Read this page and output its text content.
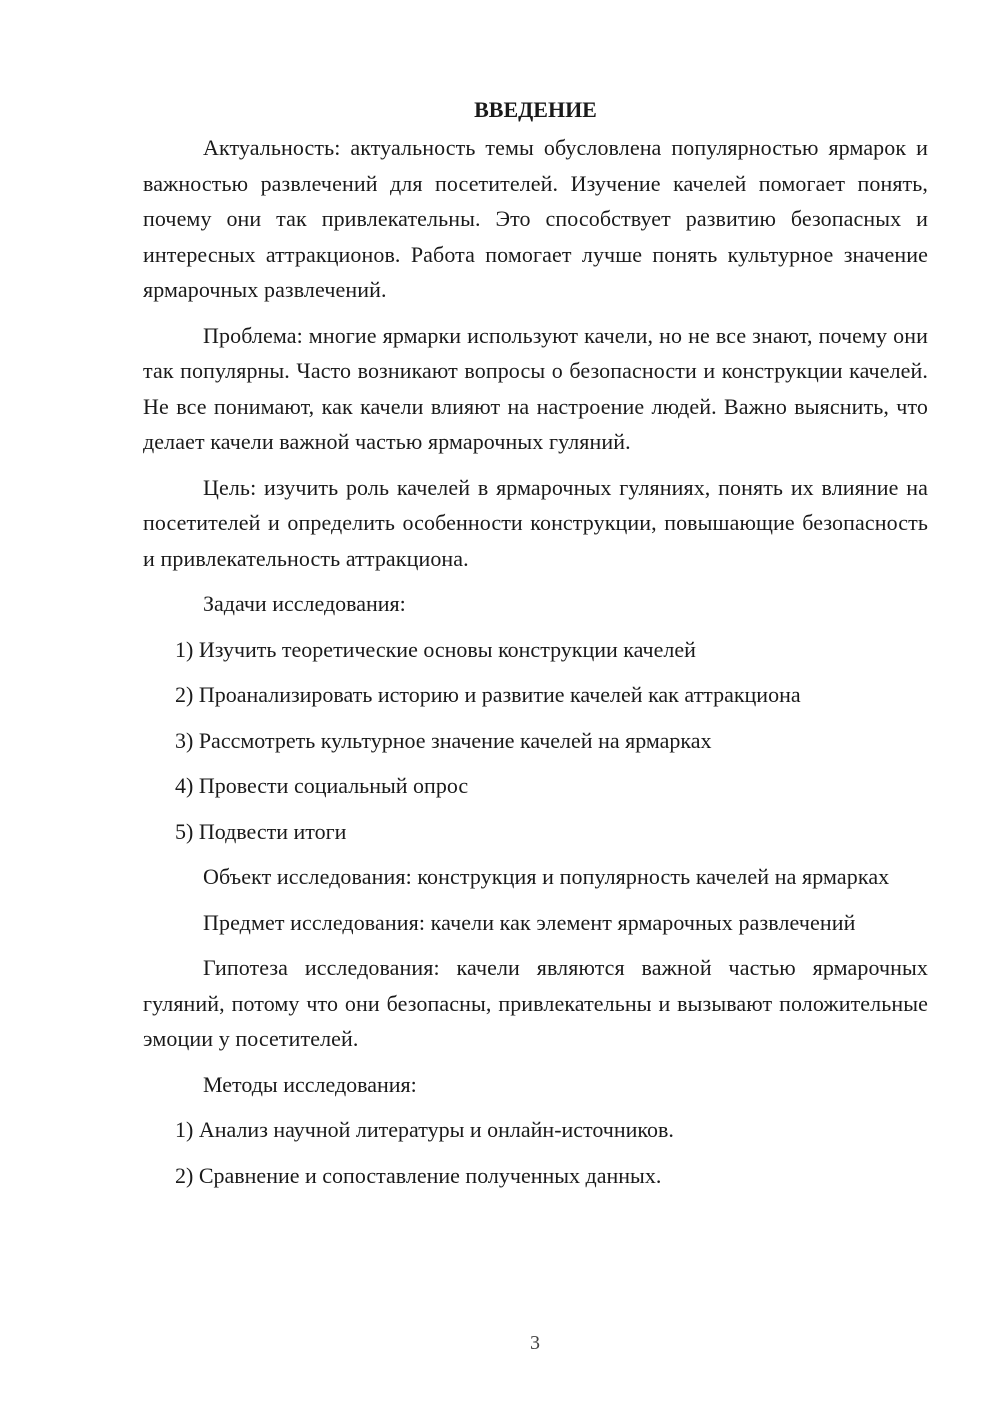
ВВЕДЕНИЕ

Актуальность: актуальность темы обусловлена популярностью ярмарок и важностью развлечений для посетителей. Изучение качелей помогает понять, почему они так привлекательны. Это способствует развитию безопасных и интересных аттракционов. Работа помогает лучше понять культурное значение ярмарочных развлечений.

Проблема: многие ярмарки используют качели, но не все знают, почему они так популярны. Часто возникают вопросы о безопасности и конструкции качелей. Не все понимают, как качели влияют на настроение людей. Важно выяснить, что делает качели важной частью ярмарочных гуляний.

Цель: изучить роль качелей в ярмарочных гуляниях, понять их влияние на посетителей и определить особенности конструкции, повышающие безопасность и привлекательность аттракциона.

Задачи исследования:

1) Изучить теоретические основы конструкции качелей
2) Проанализировать историю и развитие качелей как аттракциона
3) Рассмотреть культурное значение качелей на ярмарках
4) Провести социальный опрос
5) Подвести итоги

Объект исследования: конструкция и популярность качелей на ярмарках

Предмет исследования: качели как элемент ярмарочных развлечений

Гипотеза исследования: качели являются важной частью ярмарочных гуляний, потому что они безопасны, привлекательны и вызывают положительные эмоции у посетителей.

Методы исследования:

1) Анализ научной литературы и онлайн-источников.
2) Сравнение и сопоставление полученных данных.
3
